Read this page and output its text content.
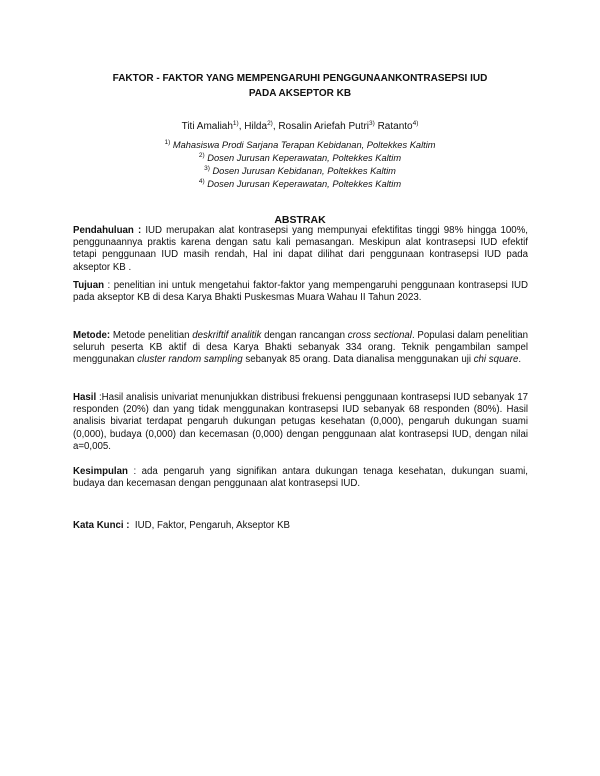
FAKTOR - FAKTOR YANG MEMPENGARUHI PENGGUNAANKONTRASEPSI IUD
PADA AKSEPTOR KB
Titi Amaliah$^{1)}$, Hilda$^{2)}$, Rosalin Ariefah Putri$^{3)}$ Ratanto$^{4)}$
$^{1)}$ Mahasiswa Prodi Sarjana Terapan Kebidanan, Poltekkes Kaltim
$^{2)}$ Dosen Jurusan Keperawatan, Poltekkes Kaltim
$^{3)}$ Dosen Jurusan Kebidanan, Poltekkes Kaltim
$^{4)}$ Dosen Jurusan Keperawatan, Poltekkes Kaltim
ABSTRAK

Pendahuluan : IUD merupakan alat kontrasepsi yang mempunyai efektifitas tinggi 98% hingga 100%, penggunaannya praktis karena dengan satu kali pemasangan. Meskipun alat kontrasepsi IUD efektif tetapi penggunaan IUD masih rendah, Hal ini dapat dilihat dari penggunaan kontrasepsi IUD pada akseptor KB .

Tujuan : penelitian ini untuk mengetahui faktor-faktor yang mempengaruhi penggunaan kontrasepsi IUD pada akseptor KB di desa Karya Bhakti Puskesmas Muara Wahau II Tahun 2023.

Metode: Metode penelitian deskriftif analitik dengan rancangan cross sectional. Populasi dalam penelitian seluruh peserta KB aktif di desa Karya Bhakti sebanyak 334 orang. Teknik pengambilan sampel menggunakan cluster random sampling sebanyak 85 orang. Data dianalisa menggunakan uji chi square.

Hasil :Hasil analisis univariat menunjukkan distribusi frekuensi penggunaan kontrasepsi IUD sebanyak 17 responden (20%) dan yang tidak menggunakan kontrasepsi IUD sebanyak 68 responden (80%). Hasil analisis bivariat terdapat pengaruh dukungan petugas kesehatan (0,000), pengaruh dukungan suami (0,000), budaya (0,000) dan kecemasan (0,000) dengan penggunaan alat kontrasepsi IUD, dengan nilai a=0,005.

Kesimpulan : ada pengaruh yang signifikan antara dukungan tenaga kesehatan, dukungan suami, budaya dan kecemasan dengan penggunaan alat kontrasepsi IUD.

Kata Kunci : IUD, Faktor, Pengaruh, Akseptor KB
